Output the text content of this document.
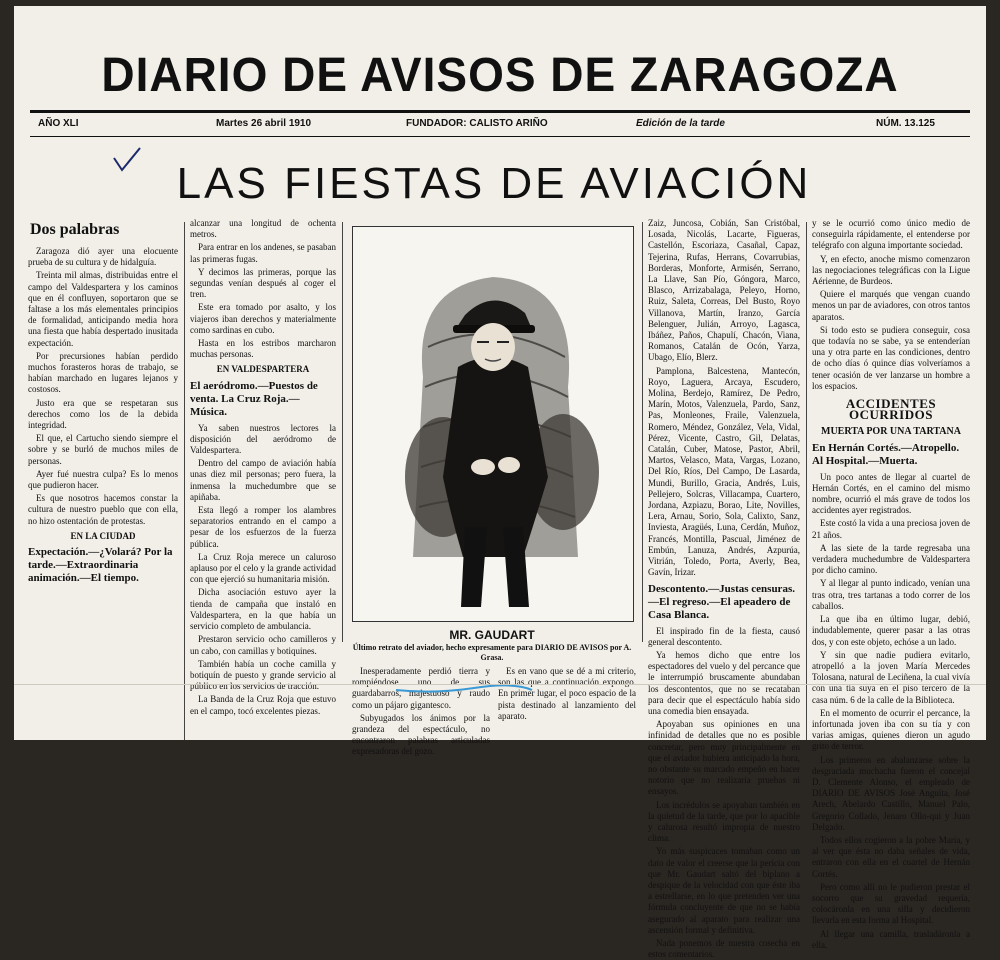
DIARIO DE AVISOS DE ZARAGOZA
AÑO XLI	Martes 26 abril 1910	FUNDADOR: CALISTO ARIÑO	Edición de la tarde	NÚM. 13.125
LAS FIESTAS DE AVIACIÓN
Dos palabras

Zaragoza dió ayer una elocuente prueba de su cultura y de hidalguía.

Treinta mil almas, distribuidas entre el campo del Valdespartera y los caminos que en él confluyen, soportaron que se faltase a los más elementales principios de formalidad, anticipando media hora una fiesta que había despertado inusitada expectación.

Por precursiones habían perdido muchos forasteros horas de trabajo, se habían marchado en lugares lejanos y costosos.

Justo era que se respetaran sus derechos como los de la debida integridad.

El que, el Cartucho siendo siempre el sobre y se burló de muchos miles de personas.

Ayer fué nuestra culpa? Es lo menos que pudieron hacer.

Es que nosotros hacemos constar la cultura de nuestro pueblo que con ella, no hizo ostentación de protestas.

EN LA CIUDAD
Expectación.—¿Volará? Por la tarde.—Extraordinaria animación.—El tiempo.

alcanzar una longitud de ochenta metros.

Para entrar en los andenes, se pasaban las primeras fugas.

Y decimos las primeras, porque las segundas venían después al coger el tren.

Este era tomado por asalto, y los viajeros iban derechos y materialmente como sardinas en cubo.

Hasta en los estribos marcharon muchas personas.

EN VALDESPARTERA
El aeródromo.—Puestos de venta. La Cruz Roja.—Música.

Ya saben nuestros lectores la disposición del aeródromo de Valdespartera.

Dentro del campo de aviación había unas diez mil personas; pero fuera, la inmensa la muchedumbre que se apiñaba.

Esta llegó a romper los alambres separatorios entrando en el campo a pesar de los esfuerzos de la fuerza pública.

La Cruz Roja merece un caluroso aplauso por el celo y la grande actividad con que ejerció su humanitaria misión.

Dicha asociación estuvo ayer la tienda de campaña que instaló en Valdespartera, en la que había un servicio completo de ambulancia.

Prestaron servicio ocho camilleros y un cabo, con camillas y botiquines.

También había un coche camilla y botiquín de puesto y grande servicio al público en los servicios de tracción.

La Banda de la Cruz Roja que estuvo en el campo, tocó excelentes piezas.

MR. GAUDART
Último retrato del aviador, hecho expresamente para DIARIO DE AVISOS por A. Grasa.

Inesperadamente perdió tierra y rompiéndose uno de sus guardabarros, majestuoso y raudo como un pájaro gigantesco.

Subyugados los ánimos por la grandeza del espectáculo, no encontraron palabras articuladas expresadoras del gozo.

Es en vano que se dé a mi criterio, son las que a continuación expongo. En primer lugar, el poco espacio de la pista destinado al lanzamiento del aparato.

Zaiz, Juncosa, Cobián, San Cristóbal, Losada, Nicolás, Lacarte, Figueras, Castellón, Escoriaza, Casañal, Capaz, Tejerina, Rufas, Herrans, Covarrubias, Borderas, Monforte, Armisén, Serrano, La Llave, San Pío, Góngora, Marco, Blasco, Arrizabalaga, Peleyo, Horno, Ruiz, Saleta, Correas, Del Busto, Royo Villanova, Martín, Iranzo, García Belenguer, Julián, Arroyo, Lagasca, Ibáñez, Paños, Chapulí, Chacón, Viana, Romanos, Catalán de Ocón, Yarza, Ubago, Elío, Blerz.

Pamplona, Balcestena, Mantecón, Royo, Laguera, Arcaya, Escudero, Molina, Berdejo, Ramírez, De Pedro, Marín, Motos, Valenzuela, Pardo, Sanz, Pas, Monleones, Fraile, Valenzuela, Romero, Méndez, González, Vela, Vidal, Pérez, Vicente, Castro, Gil, Delatas, Catalán, Cuber, Matose, Pastor, Abril, Martos, Velasco, Mata, Vargas, Lozano, Del Río, Ríos, Del Campo, De Lasarda, Mundi, Burillo, Gracia, Andrés, Luis, Pellejero, Solcras, Villacampa, Cuartero, Jordana, Azpiazu, Borao, Lite, Novilles, Lera, Arnau, Sorio, Sola, Calixto, Sanz, Inviesta, Aragüés, Luna, Cerdán, Muñoz, Francés, Montilla, Pascual, Jiménez de Embún, Lanuza, Andrés, Azpurúa, Vitrián, Toledo, Porta, Averly, Bea, Gavín, Irizar.

Descontento.—Justas censuras.—El regreso.—El apeadero de Casa Blanca.

El inspirado fin de la fiesta, causó general descontento.

Ya hemos dicho que entre los espectadores del vuelo y del percance que le interrumpió bruscamente abundaban los descontentos, que no se recataban para decir que el espectáculo había sido una comedia bien ensayada.

Apoyaban sus opiniones en una infinidad de detalles que no es posible concretar, pero muy principalmente en que el aviador hubiera anticipado la hora, no obstante su marcado empeño en hacer notorio que no realizaría pruebas ni ensayos.

Los incrédulos se apoyaban también en la quietud de la tarde, que por lo apacible y calurosa resultó impropia de nuestro clima.

Yo más suspicaces tomaban como un dato de valor el creerse que la pericia con que Mr. Gaudart saltó del biplano a despique de la velocidad con que éste iba a estrellarse, en lo que pretenden ver una fórmula concluyente de que no se había asegurado al aparato para realizar una ascensión formal y definitiva.

Nada ponemos de nuestra cosecha en estos comentarios.

y se le ocurrió como único medio de conseguirla rápidamente, el entenderse por telégrafo con alguna importante sociedad.

Y, en efecto, anoche mismo comenzaron las negociaciones telegráficas con la Ligue Aérienne, de Burdeos.

Quiere el marqués que vengan cuando menos un par de aviadores, con otros tantos aparatos.

Si todo esto se pudiera conseguir, cosa que todavía no se sabe, ya se entenderían una y otra parte en las condiciones, dentro de ocho días ó quince días volveríamos a tener ocasión de ver lanzarse un hombre a los espacios.

ACCIDENTES OCURRIDOS
MUERTA POR UNA TARTANA
En Hernán Cortés.—Atropello. Al Hospital.—Muerta.

Un poco antes de llegar al cuartel de Hernán Cortés, en el camino del mismo nombre, ocurrió el más grave de todos los accidentes ayer registrados.

Este costó la vida a una preciosa joven de 21 años.

A las siete de la tarde regresaba una verdadera muchedumbre de Valdespartera por dicho camino.

Y al llegar al punto indicado, venían una tras otra, tres tartanas a todo correr de los caballos.

La que iba en último lugar, debió, indudablemente, querer pasar a las otras dos, y con este objeto, echóse a un lado.

Y sin que nadie pudiera evitarlo, atropelló a la joven María Mercedes Tolosana, natural de Leciñena, la cual vivía con una tía suya en el piso tercero de la casa núm. 6 de la calle de la Biblioteca.

En el momento de ocurrir el percance, la infortunada joven iba con su tía y con varias amigas, quienes dieron un agudo grito de terror.

Los primeros en abalanzarse sobre la desgraciada muchacha fueron el concejal D. Clemente Alonso, el empleado de DIARIO DE AVISOS José Anguita, José Arech, Abelardo Castillo, Manuel Palo, Gregorio Collado, Jenaro Ollo-qui y Juan Delgado.

Todos ellos cogieron a la pobre María, y al ver que ésta no daba señales de vida, entraron con ella en el cuartel de Hernán Cortés.

Pero como allí no le pudieron prestar el socorro que su gravedad requería, colocáronla en una silla y decidieron llevarla en esta forma al Hospital.

Al llegar una camilla, trasladáronla a ella.
